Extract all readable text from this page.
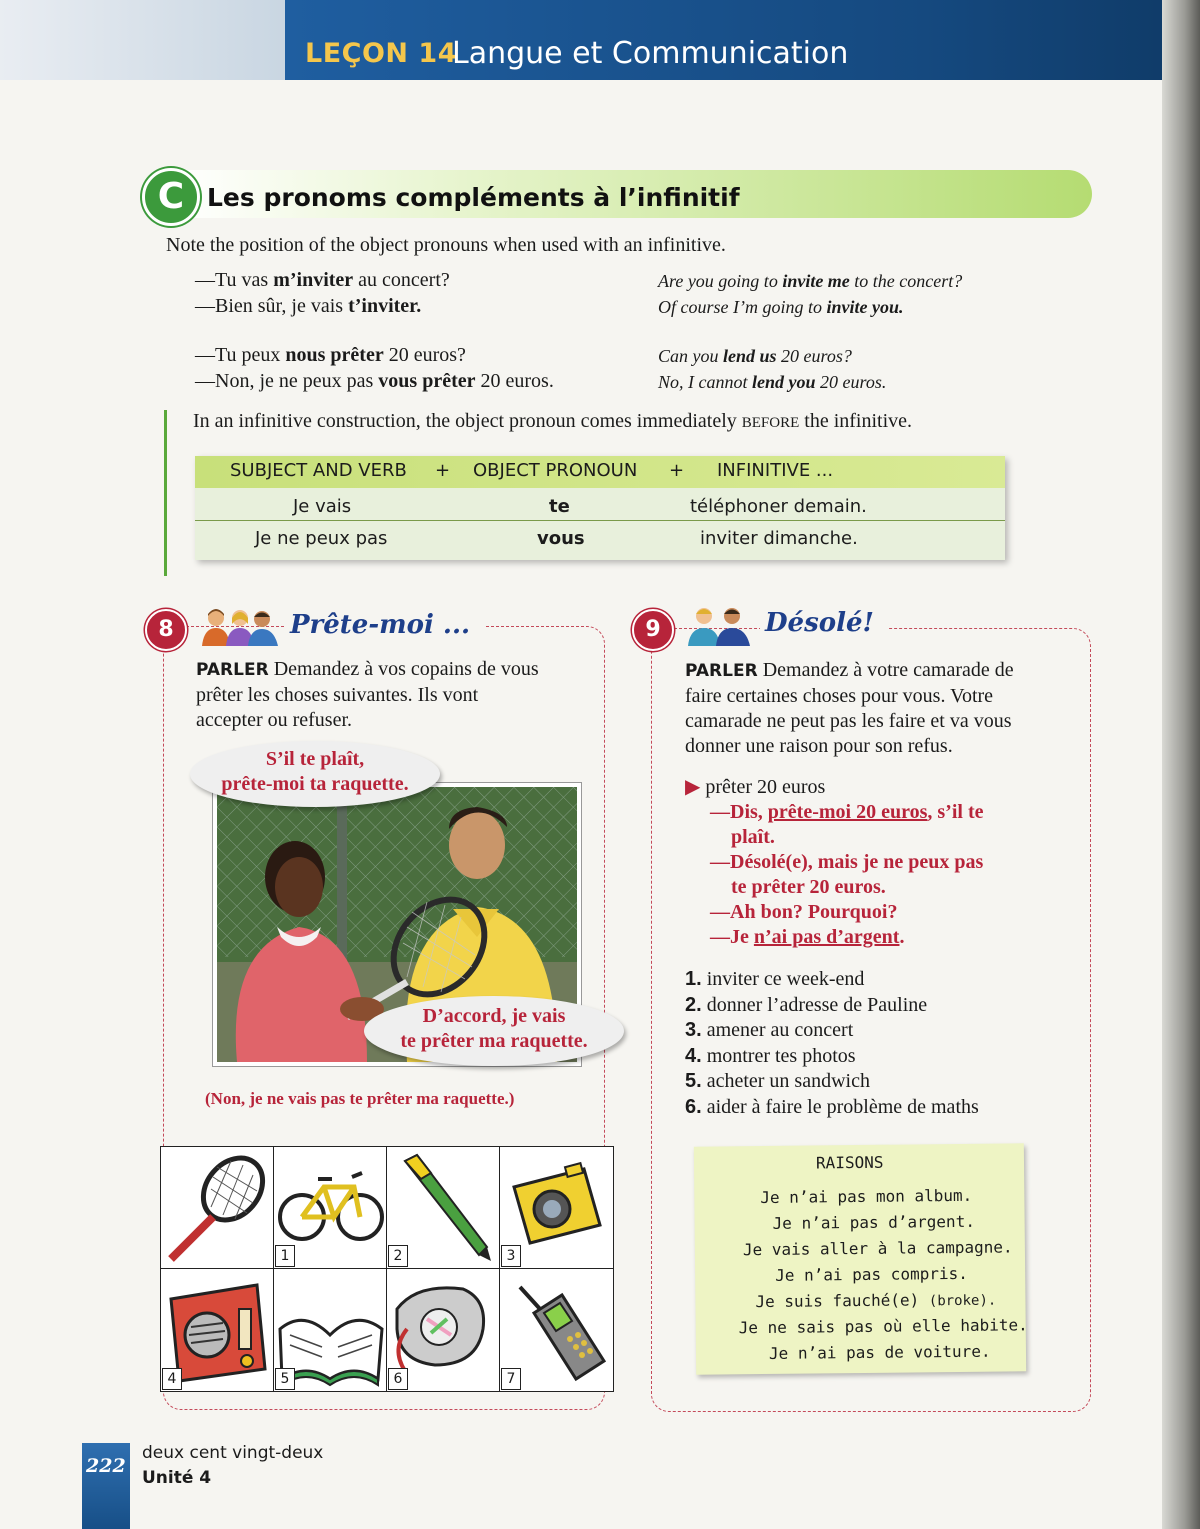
LEÇON 14
Langue et Communication
C Les pronoms compléments à l’infinitif
Note the position of the object pronouns when used with an infinitive.
—Tu vas m’inviter au concert?	Are you going to invite me to the concert?
—Bien sûr, je vais t’inviter.	Of course I’m going to invite you.
—Tu peux nous prêter 20 euros?	Can you lend us 20 euros?
—Non, je ne peux pas vous prêter 20 euros.	No, I cannot lend you 20 euros.
In an infinitive construction, the object pronoun comes immediately BEFORE the infinitive.
SUBJECT AND VERB + OBJECT PRONOUN + INFINITIVE ...
Je vais	te	téléphoner demain.
Je ne peux pas	vous	inviter dimanche.
8	Prête-moi ...
PARLER Demandez à vos copains de vous
prêter les choses suivantes. Ils vont
accepter ou refuser.
S’il te plaît,
prête-moi ta raquette.
D’accord, je vais
te prêter ma raquette.
(Non, je ne vais pas te prêter ma raquette.)
1	2	3
4	5	6	7
9	Désolé!
PARLER Demandez à votre camarade de
faire certaines choses pour vous. Votre
camarade ne peut pas les faire et va vous
donner une raison pour son refus.
▶ prêter 20 euros
—Dis, prête-moi 20 euros, s’il te
plaît.
—Désolé(e), mais je ne peux pas
te prêter 20 euros.
—Ah bon? Pourquoi?
—Je n’ai pas d’argent.
1. inviter ce week-end
2. donner l’adresse de Pauline
3. amener au concert
4. montrer tes photos
5. acheter un sandwich
6. aider à faire le problème de maths
RAISONS
Je n’ai pas mon album.
Je n’ai pas d’argent.
Je vais aller à la campagne.
Je n’ai pas compris.
Je suis fauché(e) (broke).
Je ne sais pas où elle habite.
Je n’ai pas de voiture.
222
deux cent vingt-deux
Unité 4
